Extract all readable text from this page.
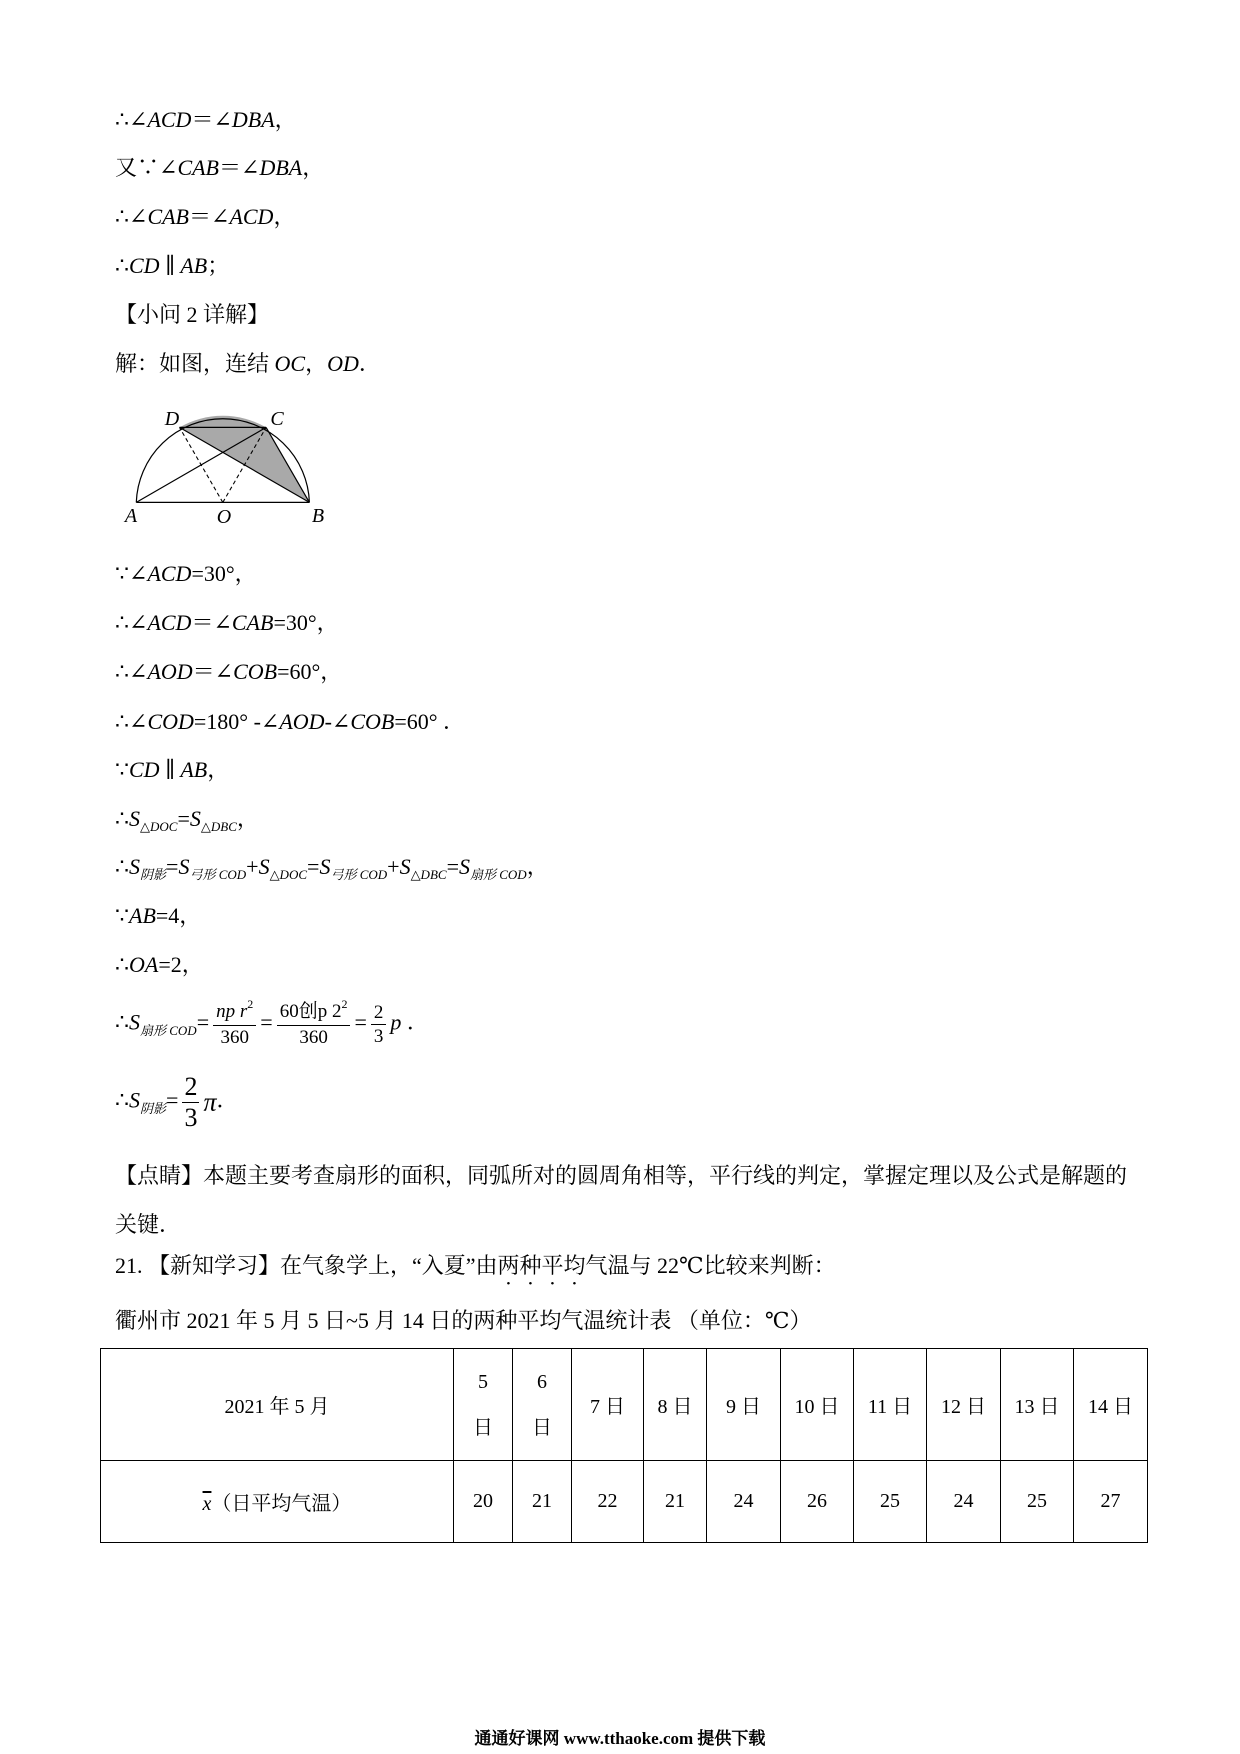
∴∠ACD＝∠DBA，
又∵∠CAB＝∠DBA，
∴∠CAB＝∠ACD，
∴CD ∥ AB；
【小问 2 详解】
解：如图，连结 OC，OD．
D	C
A	O	B
∵∠ACD=30°，
∴∠ACD＝∠CAB=30°，
∴∠AOD＝∠COB=60°，
∴∠COD=180° -∠AOD-∠COB=60° ．
∵CD ∥ AB，
$\therefore S_{\triangle DOC}=S_{\triangle DBC}$，
$\therefore S_{阴影}=S_{弓形 COD}+S_{\triangle DOC}=S_{弓形 COD}+S_{\triangle DBC}=S_{扇形 COD}$，
∵AB=4，
∴OA=2，
$\therefore S_{扇形 COD}= \frac{np r^2}{360} = \frac{60创p 2^2}{360} = \frac{2}{3}$ p ．
$\therefore S_{阴影}= \frac{2}{3}$ π．
【点睛】本题主要考查扇形的面积，同弧所对的圆周角相等，平行线的判定，掌握定理以及公式是解题的
关键．
21. 【新知学习】在气象学上，“入夏”由两种平均气温与 22℃比较来判断：
衢州市 2021 年 5 月 5 日~5 月 14 日的两种平均气温统计表 （单位：℃）
2021 年 5 月	5 日	6 日	7 日	8 日	9 日	10 日	11 日	12 日	13 日	14 日
$\overline{x}$（日平均气温）	20	21	22	21	24	26	25	24	25	27
通通好课网 www.tthaoke.com 提供下载
